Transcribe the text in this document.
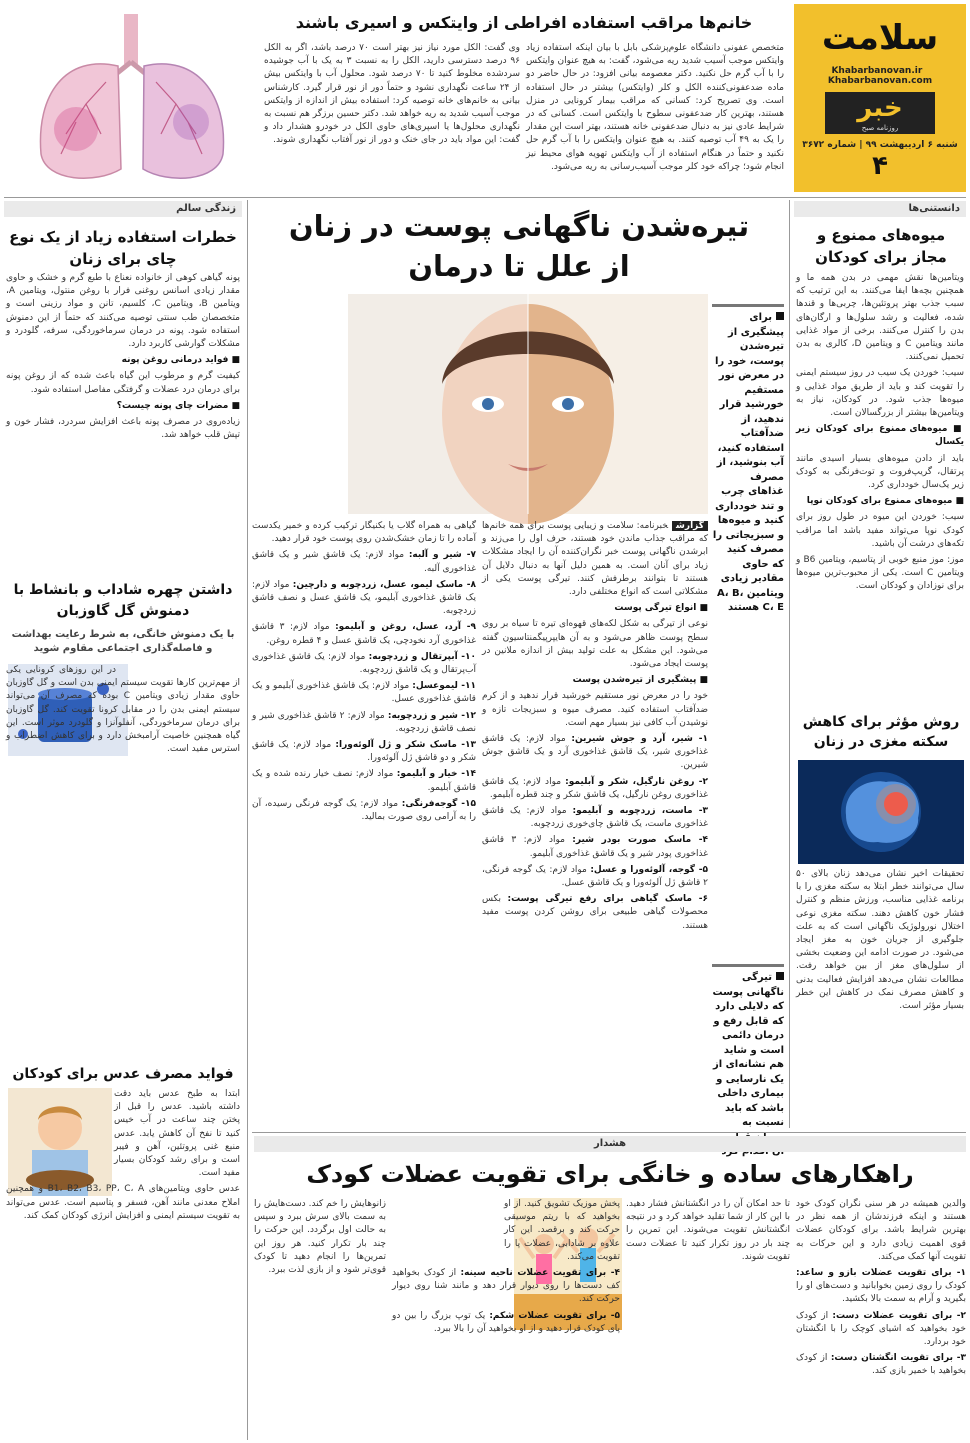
خانم‌ها مراقب استفاده افراطی از وایتکس و اسیری باشند
متخصص عفونی دانشگاه علوم‌پزشکی بابل با بیان اینکه استفاده زیاد وایتکس موجب آسیب شدید ریه می‌شود، گفت: به هیچ عنوان وایتکس را با آب گرم حل نکنید. دکتر معصومه بیانی افزود: در حال حاضر دو ماده ضدعفونی‌کننده الکل و کلر (وایتکس) بیشتر در حال استفاده است. وی تصریح کرد: کسانی که مراقب بیمار کرونایی در منزل هستند، بهترین کار ضدعفونی سطوح با وایتکس است. کسانی که در شرایط عادی نیز به دنبال ضدعفونی خانه هستند، بهتر است این مقدار را یک به ۴۹ آب توصیه کنند. به هیچ عنوان وایتکس را با آب گرم حل نکنید و حتماً در هنگام استفاده از آب وایتکس تهویه هوای محیط نیز انجام شود؛ چراکه خود کلر موجب آسیب‌رسانی به ریه می‌شود.
وی گفت: الکل مورد نیاز نیز بهتر است ۷۰ درصد باشد، اگر به الکل ۹۶ درصد دسترسی دارید، الکل را به نسبت ۳ به یک با آب جوشیده سردشده مخلوط کنید تا ۷۰ درصد شود. محلول آب با وایتکس بیش از ۲۴ ساعت نگهداری نشود و حتماً دور از نور قرار گیرد. کارشناس بیانی به خانم‌های خانه توصیه کرد: استفاده بیش از اندازه از وایتکس موجب آسیب شدید به ریه خواهد شد. دکتر حسین برزگر هم نسبت به نگهداری محلول‌ها یا اسپری‌های حاوی الکل در خودرو هشدار داد و گفت: این مواد باید در جای خنک و دور از نور آفتاب نگهداری شوند.
سلامت
Khabarbanovan.ir   Khabarbanovan.com
خبر
روزنامه صبح
شنبه ۶ اردیبهشت ۹۹ | شماره ۳۶۷۲
۴
دانستنی‌ها
میوه‌های ممنوع و مجاز برای کودکان

ویتامین‌ها نقش مهمی در بدن همه ما و همچنین بچه‌ها ایفا می‌کنند. به این ترتیب که سبب جذب بهتر پروتئین‌ها، چربی‌ها و قندها شده، فعالیت و رشد سلول‌ها و ارگان‌های بدن را کنترل می‌کنند. برخی از مواد غذایی مانند ویتامین C و ویتامین D، کالری به بدن تحمیل نمی‌کنند.

سیب: خوردن یک سیب در روز سیستم ایمنی را تقویت کند و باید از طریق مواد غذایی و میوه‌ها جذب شود. در کودکان، نیاز به ویتامین‌ها بیشتر از بزرگسالان است.

■ میوه‌های ممنوع برای کودکان زیر یکسال

باید از دادن میوه‌های بسیار اسیدی مانند پرتقال، گریپ‌فروت و توت‌فرنگی به کودک زیر یک‌سال خودداری کرد.

■ میوه‌های ممنوع برای کودکان نوپا

سیب: خوردن این میوه در طول روز برای کودک نوپا می‌تواند مفید باشد اما مراقب تکه‌های درشت آن باشید.

موز: موز منبع خوبی از پتاسیم، ویتامین B6 و ویتامین C است. یکی از محبوب‌ترین میوه‌ها برای نوزادان و کودکان است.

روش مؤثر برای کاهش سکته مغزی در زنان
تحقیقات اخیر نشان می‌دهد زنان بالای ۵۰ سال می‌توانند خطر ابتلا به سکته مغزی را با برنامه غذایی مناسب، ورزش منظم و کنترل فشار خون کاهش دهند. سکته مغزی نوعی اختلال نورولوژیک ناگهانی است که به علت جلوگیری از جریان خون به مغز ایجاد می‌شود. در صورت ادامه این وضعیت بخشی از سلول‌های مغز از بین خواهد رفت. مطالعات نشان می‌دهد افزایش فعالیت بدنی و کاهش مصرف نمک در کاهش این خطر بسیار مؤثر است.
زندگی سالم
خطرات استفاده زیاد از یک نوع چای برای زنان

پونه گیاهی کوهی از خانواده نعناع با طبع گرم و خشک و حاوی مقدار زیادی اسانس روغنی فرار با روغن منتول، ویتامین A، ویتامین B، ویتامین C، کلسیم، تانن و مواد رزینی است و متخصصان طب سنتی توصیه می‌کنند که حتماً از این دمنوش استفاده شود. پونه در درمان سرماخوردگی، سرفه، گلودرد و مشکلات گوارشی کاربرد دارد.

■ فواید درمانی روغن پونه

کیفیت گرم و مرطوب این گیاه باعث شده که از روغن پونه برای درمان درد عضلات و گرفتگی مفاصل استفاده شود.

■ مضرات چای پونه چیست؟

زیاده‌روی در مصرف پونه باعث افزایش سردرد، فشار خون و تپش قلب خواهد شد.

داشتن چهره شاداب و بانشاط با دمنوش گل گاوزبان
با یک دمنوش خانگی، به شرط رعایت بهداشت و فاصله‌گذاری اجتماعی مقاوم شوید
در این روزهای کرونایی یکی از مهم‌ترین کارها تقویت سیستم ایمنی بدن است و گل گاوزبان حاوی مقدار زیادی ویتامین C بوده که مصرف آن می‌تواند سیستم ایمنی بدن را در مقابل کرونا تقویت کند. گل گاوزبان برای درمان سرماخوردگی، آنفلوآنزا و گلودرد موثر است. این گیاه همچنین خاصیت آرامبخش دارد و برای کاهش اضطراب و استرس مفید است.
فواید مصرف عدس برای کودکان

ابتدا به طبخ عدس باید دقت داشته باشید. عدس را قبل از پختن چند ساعت در آب خیس کنید تا نفخ آن کاهش یابد. عدس منبع غنی پروتئین، آهن و فیبر است و برای رشد کودکان بسیار مفید است.

عدس حاوی ویتامین‌های B1، B2، B3، PP، C، A و همچنین املاح معدنی مانند آهن، فسفر و پتاسیم است. عدس می‌تواند به تقویت سیستم ایمنی و افزایش انرژی کودکان کمک کند.

تیره‌شدن ناگهانی پوست در زنان
از علل تا درمان
برای پیشگیری از تیره‌شدن پوست، خود را در معرض نور مستقیم خورشید قرار ندهید، از ضدآفتاب استفاده کنید، آب بنوشید، از مصرف غذاهای چرب و تند خودداری کنید و میوه‌ها و سبزیجاتی را مصرف کنید که حاوی مقادیر زیادی ویتامین A، B، C، E هستند
تیرگی ناگهانی پوست که دلایلی دارد که قابل رفع و درمان دائمی است و شاید هم نشانه‌ای از یک نارسایی و بیماری داخلی باشد که باید نسبت به

گزارشخبرنامه: سلامت و زیبایی پوست برای همه خانم‌ها که مراقب جذاب ماندن خود هستند، حرف اول را می‌زند و ابرشدن ناگهانی پوست خبر نگران‌کننده آن را ایجاد مشکلات زیاد برای آنان است. به همین دلیل آنها به دنبال دلایل آن هستند تا بتوانند برطرفش کنند. تیرگی پوست یکی از مشکلاتی است که انواع مختلفی دارد.

■ انواع تیرگی پوست

نوعی از تیرگی به شکل لکه‌های قهوه‌ای تیره تا سیاه بر روی سطح پوست ظاهر می‌شود و به آن هایپرپیگمنتاسیون گفته می‌شود. این مشکل به علت تولید بیش از اندازه ملانین در پوست ایجاد می‌شود.

■ پیشگیری از تیره‌شدن پوست

خود را در معرض نور مستقیم خورشید قرار ندهید و از کرم ضدآفتاب استفاده کنید. مصرف میوه و سبزیجات تازه و نوشیدن آب کافی نیز بسیار مهم است.

۱- شیر، آرد و جوش شیرین: مواد لازم: یک قاشق غذاخوری شیر، یک قاشق غذاخوری آرد و یک قاشق جوش شیرین.

۲- روغن نارگیل، شکر و آبلیمو: مواد لازم: یک قاشق غذاخوری روغن نارگیل، یک قاشق شکر و چند قطره آبلیمو.

۳- ماست، زردچوبه و آبلیمو: مواد لازم: یک قاشق غذاخوری ماست، یک قاشق چای‌خوری زردچوبه.

۴- ماسک صورت بودر شیر: مواد لازم: ۳ قاشق غذاخوری پودر شیر و یک قاشق غذاخوری آبلیمو.

۵- گوجه، آلوئه‌ورا و عسل: مواد لازم: یک گوجه فرنگی، ۲ قاشق ژل آلوئه‌ورا و یک قاشق عسل.

۶- ماسک گیاهی برای رفع تیرگی پوست: بکس محصولات گیاهی طبیعی برای روشن کردن پوست مفید هستند.

گیاهی به همراه گلاب یا بکنیگار ترکیب کرده و خمیر یکدست آماده را تا زمان خشک‌شدن روی پوست خود قرار دهید.

۷- شیر و آلبه: مواد لازم: یک قاشق شیر و یک قاشق غذاخوری آلبه.

۸- ماسک لیمو، عسل، زردچوبه و دارچین: مواد لازم: یک قاشق غذاخوری آبلیمو، یک قاشق عسل و نصف قاشق زردچوبه.

۹- آرد، عسل، روغن و آبلیمو: مواد لازم: ۳ قاشق غذاخوری آرد نخودچی، یک قاشق عسل و ۴ قطره روغن.

۱۰- آبپرتقال و زردچوبه: مواد لازم: یک قاشق غذاخوری آب‌پرتقال و یک قاشق زردچوبه.

۱۱- لیموعسل: مواد لازم: یک قاشق غذاخوری آبلیمو و یک قاشق غذاخوری عسل.

۱۲- شیر و زردچوبه: مواد لازم: ۲ قاشق غذاخوری شیر و نصف قاشق زردچوبه.

۱۳- ماسک شکر و ژل آلوئه‌ورا: مواد لازم: یک قاشق شکر و دو قاشق ژل آلوئه‌ورا.

۱۴- خیار و آبلیمو: مواد لازم: نصف خیار رنده شده و یک قاشق آبلیمو.

۱۵- گوجه‌فرنگی: مواد لازم: یک گوجه فرنگی رسیده، آن را به آرامی روی صورت بمالید.

هشدار
راهکارهای ساده و خانگی برای تقویت عضلات کودک

والدین همیشه در هر سنی نگران کودک خود هستند و اینکه فرزندشان از همه نظر در بهترین شرایط باشد. برای کودکان عضلات قوی اهمیت زیادی دارد و این حرکات به تقویت آنها کمک می‌کند.

۱- برای تقویت عضلات بازو و ساعد: کودک را روی زمین بخوابانید و دست‌های او را بگیرید و آرام به سمت بالا بکشید.

۲- برای تقویت عضلات دست: از کودک خود بخواهید که اشیای کوچک را با انگشتان خود بردارد.

۳- برای تقویت انگشتان دست: از کودک بخواهید با خمیر بازی کند.

تا حد امکان آن را در انگشتانش فشار دهید. با این کار از شما تقلید خواهد کرد و در نتیجه انگشتانش تقویت می‌شوند. این تمرین را چند بار در روز تکرار کنید تا عضلات دست تقویت شوند.

پخش موزیک تشویق کنید. از او بخواهید که با ریتم موسیقی حرکت کند و برقصد. این کار علاوه بر شادابی، عضلات پا را تقویت می‌کند.

۴- برای تقویت عضلات ناحیه سینه: از کودک بخواهید کف دست‌ها را روی دیوار قرار دهد و مانند شنا روی دیوار حرکت کند.

۵- برای تقویت عضلات شکم: یک توپ بزرگ را بین دو پای کودک قرار دهید و از او بخواهید آن را بالا ببرد.

زانوهایش را خم کند. دست‌هایش را به سمت بالای سرش ببرد و سپس به حالت اول برگردد. این حرکت را چند بار تکرار کنید. هر روز این تمرین‌ها را انجام دهید تا کودک قوی‌تر شود و از بازی لذت ببرد.
